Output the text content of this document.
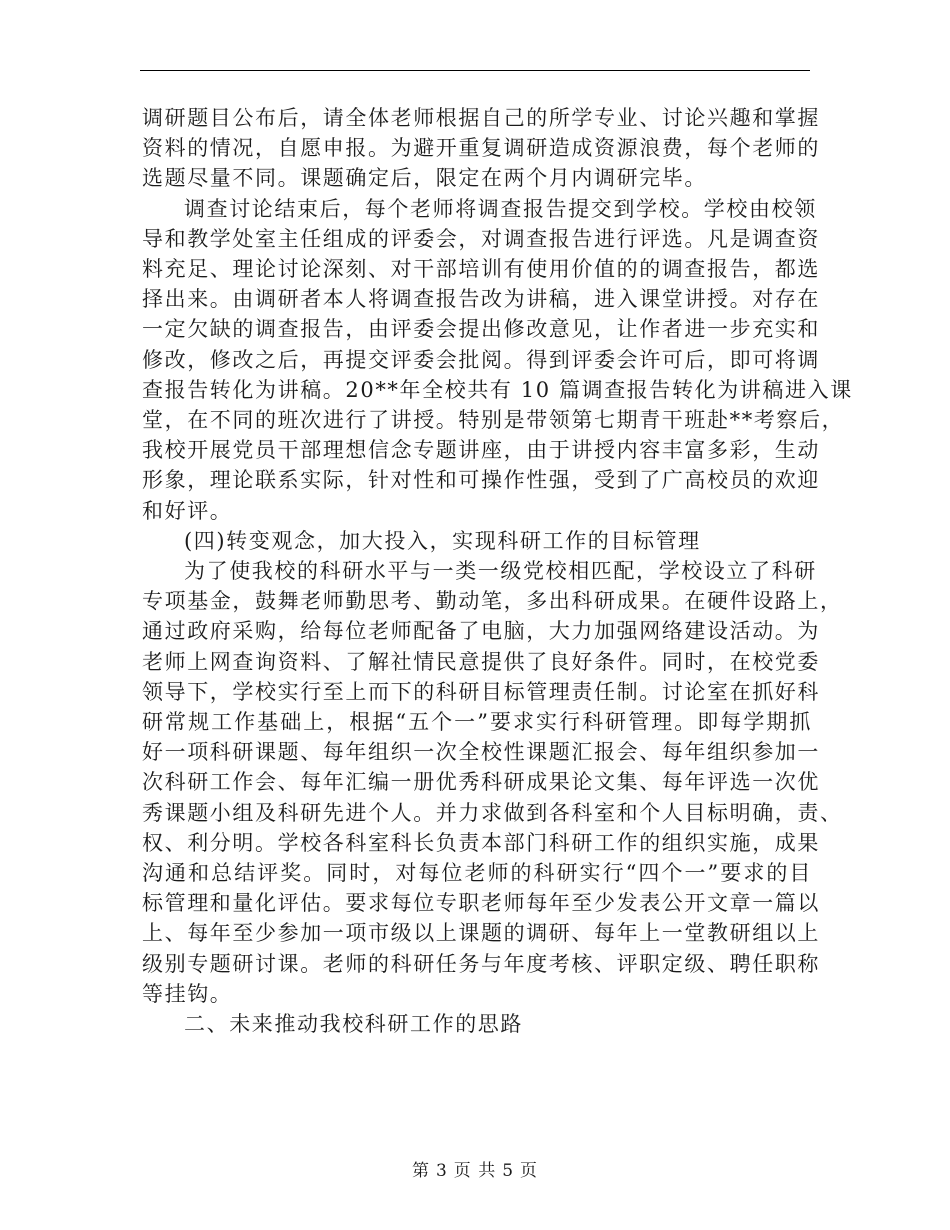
调研题目公布后，请全体老师根据自己的所学专业、讨论兴趣和掌握
资料的情况，自愿申报。为避开重复调研造成资源浪费，每个老师的
选题尽量不同。课题确定后，限定在两个月内调研完毕。
调查讨论结束后，每个老师将调查报告提交到学校。学校由校领
导和教学处室主任组成的评委会，对调查报告进行评选。凡是调查资
料充足、理论讨论深刻、对干部培训有使用价值的的调查报告，都选
择出来。由调研者本人将调查报告改为讲稿，进入课堂讲授。对存在
一定欠缺的调查报告，由评委会提出修改意见，让作者进一步充实和
修改，修改之后，再提交评委会批阅。得到评委会许可后，即可将调
查报告转化为讲稿。20**年全校共有 10 篇调查报告转化为讲稿进入课
堂，在不同的班次进行了讲授。特别是带领第七期青干班赴**考察后，
我校开展党员干部理想信念专题讲座，由于讲授内容丰富多彩，生动
形象，理论联系实际，针对性和可操作性强，受到了广高校员的欢迎
和好评。
(四)转变观念，加大投入，实现科研工作的目标管理
为了使我校的科研水平与一类一级党校相匹配，学校设立了科研
专项基金，鼓舞老师勤思考、勤动笔，多出科研成果。在硬件设路上，
通过政府采购，给每位老师配备了电脑，大力加强网络建设活动。为
老师上网查询资料、了解社情民意提供了良好条件。同时，在校党委
领导下，学校实行至上而下的科研目标管理责任制。讨论室在抓好科
研常规工作基础上，根据“五个一”要求实行科研管理。即每学期抓
好一项科研课题、每年组织一次全校性课题汇报会、每年组织参加一
次科研工作会、每年汇编一册优秀科研成果论文集、每年评选一次优
秀课题小组及科研先进个人。并力求做到各科室和个人目标明确，责、
权、利分明。学校各科室科长负责本部门科研工作的组织实施，成果
沟通和总结评奖。同时，对每位老师的科研实行“四个一”要求的目
标管理和量化评估。要求每位专职老师每年至少发表公开文章一篇以
上、每年至少参加一项市级以上课题的调研、每年上一堂教研组以上
级别专题研讨课。老师的科研任务与年度考核、评职定级、聘任职称
等挂钩。
二、未来推动我校科研工作的思路
第 3 页 共 5 页
